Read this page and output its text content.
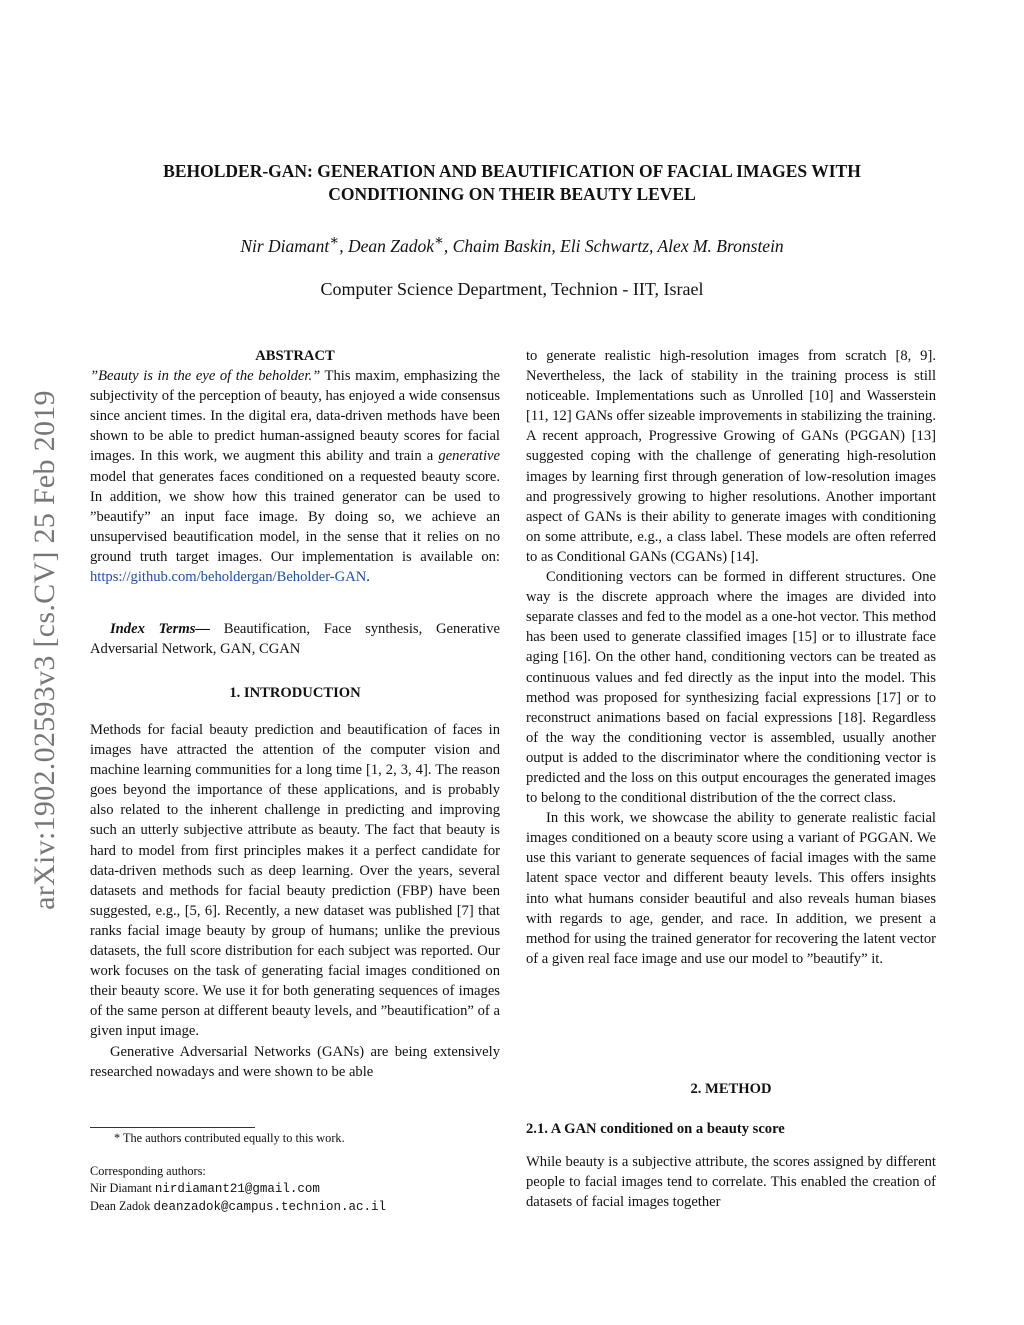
BEHOLDER-GAN: GENERATION AND BEAUTIFICATION OF FACIAL IMAGES WITH
CONDITIONING ON THEIR BEAUTY LEVEL
Nir Diamant∗, Dean Zadok∗, Chaim Baskin, Eli Schwartz, Alex M. Bronstein
Computer Science Department, Technion - IIT, Israel
arXiv:1902.02593v3 [cs.CV] 25 Feb 2019
ABSTRACT

”Beauty is in the eye of the beholder.” This maxim, emphasizing the subjectivity of the perception of beauty, has enjoyed a wide consensus since ancient times. In the digital era, data-driven methods have been shown to be able to predict human-assigned beauty scores for facial images. In this work, we augment this ability and train a generative model that generates faces conditioned on a requested beauty score. In addition, we show how this trained generator can be used to ”beautify” an input face image. By doing so, we achieve an unsupervised beautification model, in the sense that it relies on no ground truth target images. Our implementation is available on: https://github.com/beholdergan/Beholder-GAN.

Index Terms— Beautification, Face synthesis, Generative Adversarial Network, GAN, CGAN

1. INTRODUCTION

Methods for facial beauty prediction and beautification of faces in images have attracted the attention of the computer vision and machine learning communities for a long time [1, 2, 3, 4]. The reason goes beyond the importance of these applications, and is probably also related to the inherent challenge in predicting and improving such an utterly subjective attribute as beauty. The fact that beauty is hard to model from first principles makes it a perfect candidate for data-driven methods such as deep learning. Over the years, several datasets and methods for facial beauty prediction (FBP) have been suggested, e.g., [5, 6]. Recently, a new dataset was published [7] that ranks facial image beauty by group of humans; unlike the previous datasets, the full score distribution for each subject was reported. Our work focuses on the task of generating facial images conditioned on their beauty score. We use it for both generating sequences of images of the same person at different beauty levels, and ”beautification” of a given input image.

Generative Adversarial Networks (GANs) are being extensively researched nowadays and were shown to be able

* The authors contributed equally to this work.
Corresponding authors:
Nir Diamant nirdiamant21@gmail.com
Dean Zadok deanzadok@campus.technion.ac.il

to generate realistic high-resolution images from scratch [8, 9]. Nevertheless, the lack of stability in the training process is still noticeable. Implementations such as Unrolled [10] and Wasserstein [11, 12] GANs offer sizeable improvements in stabilizing the training. A recent approach, Progressive Growing of GANs (PGGAN) [13] suggested coping with the challenge of generating high-resolution images by learning first through generation of low-resolution images and progressively growing to higher resolutions. Another important aspect of GANs is their ability to generate images with conditioning on some attribute, e.g., a class label. These models are often referred to as Conditional GANs (CGANs) [14].

Conditioning vectors can be formed in different structures. One way is the discrete approach where the images are divided into separate classes and fed to the model as a one-hot vector. This method has been used to generate classified images [15] or to illustrate face aging [16]. On the other hand, conditioning vectors can be treated as continuous values and fed directly as the input into the model. This method was proposed for synthesizing facial expressions [17] or to reconstruct animations based on facial expressions [18]. Regardless of the way the conditioning vector is assembled, usually another output is added to the discriminator where the conditioning vector is predicted and the loss on this output encourages the generated images to belong to the conditional distribution of the the correct class.

In this work, we showcase the ability to generate realistic facial images conditioned on a beauty score using a variant of PGGAN. We use this variant to generate sequences of facial images with the same latent space vector and different beauty levels. This offers insights into what humans consider beautiful and also reveals human biases with regards to age, gender, and race. In addition, we present a method for using the trained generator for recovering the latent vector of a given real face image and use our model to ”beautify” it.

2. METHOD
2.1. A GAN conditioned on a beauty score

While beauty is a subjective attribute, the scores assigned by different people to facial images tend to correlate. This enabled the creation of datasets of facial images together
